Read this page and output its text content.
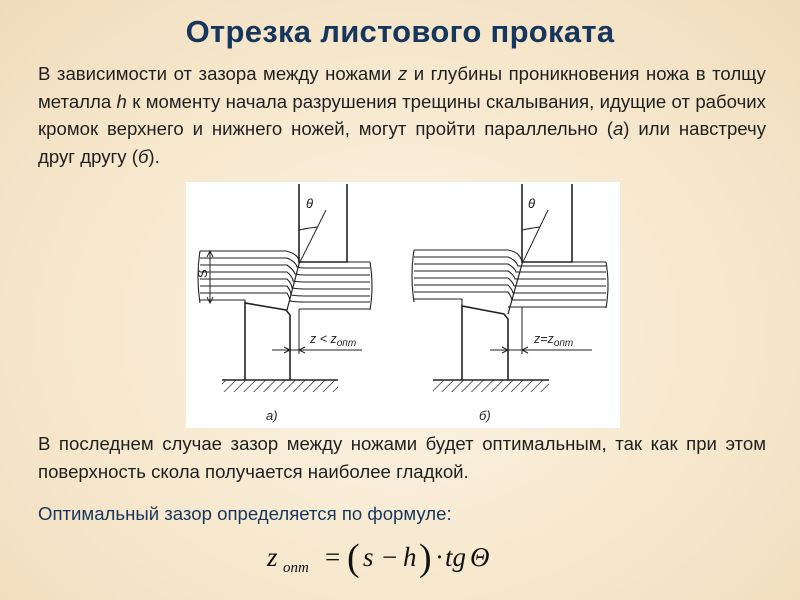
Отрезка листового проката
В зависимости от зазора между ножами z и глубины проникновения ножа в толщу металла h к моменту начала разрушения трещины скалывания, идущие от рабочих кромок верхнего и нижнего ножей, могут пройти параллельно (а) или навстречу друг другу (б).
θ
S
$z < z_{опт}$
а)
θ
$z=z_{опт}$
б)
В последнем случае зазор между ножами будет оптимальным, так как при этом поверхность скола получается наиболее гладкой.
Оптимальный зазор определяется по формуле:
z опт = ( s − h ) · tg Θ
